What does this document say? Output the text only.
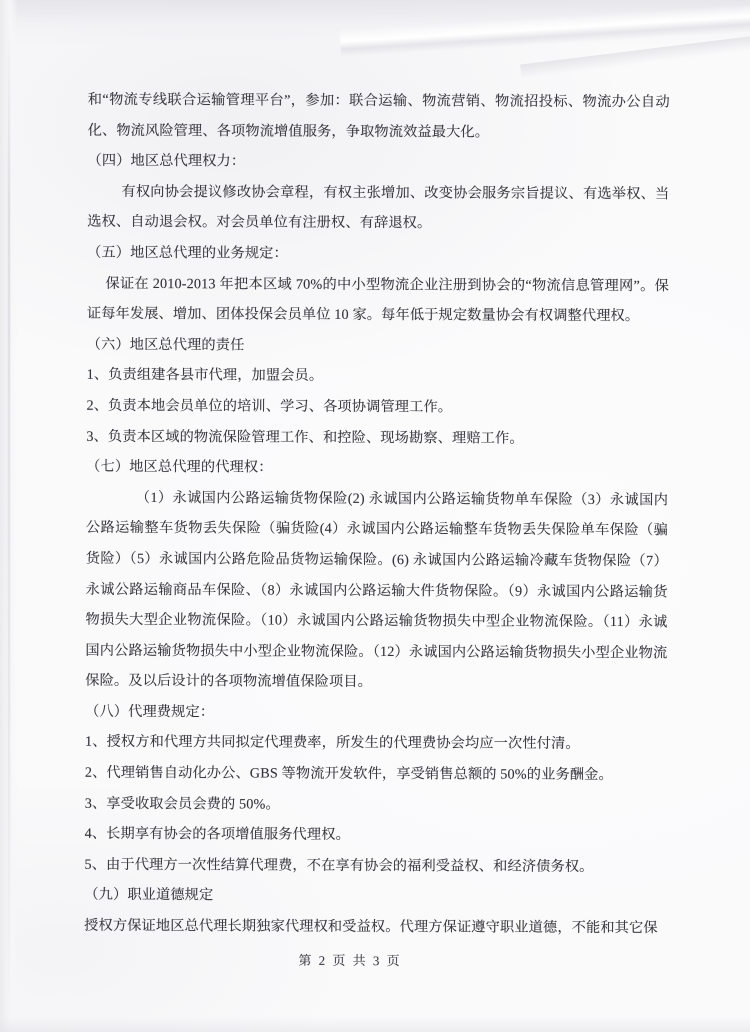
和“物流专线联合运输管理平台”，参加：联合运输、物流营销、物流招投标、物流办公自动化、物流风险管理、各项物流增值服务，争取物流效益最大化。

（四）地区总代理权力：

有权向协会提议修改协会章程，有权主张增加、改变协会服务宗旨提议、有选举权、当选权、自动退会权。对会员单位有注册权、有辞退权。

（五）地区总代理的业务规定：

保证在 2010-2013 年把本区域 70%的中小型物流企业注册到协会的“物流信息管理网”。保证每年发展、增加、团体投保会员单位 10 家。每年低于规定数量协会有权调整代理权。

（六）地区总代理的责任

1、负责组建各县市代理，加盟会员。

2、负责本地会员单位的培训、学习、各项协调管理工作。

3、负责本区域的物流保险管理工作、和控险、现场勘察、理赔工作。

（七）地区总代理的代理权：

（1）永诚国内公路运输货物保险(2) 永诚国内公路运输货物单车保险（3）永诚国内公路运输整车货物丢失保险（骗货险(4）永诚国内公路运输整车货物丢失保险单车保险（骗货险）（5）永诚国内公路危险品货物运输保险。(6) 永诚国内公路运输冷藏车货物保险（7）永诚公路运输商品车保险、（8）永诚国内公路运输大件货物保险。（9）永诚国内公路运输货物损失大型企业物流保险。（10）永诚国内公路运输货物损失中型企业物流保险。（11）永诚国内公路运输货物损失中小型企业物流保险。（12）永诚国内公路运输货物损失小型企业物流保险。及以后设计的各项物流增值保险项目。

（八）代理费规定：

1、授权方和代理方共同拟定代理费率，所发生的代理费协会均应一次性付清。

2、代理销售自动化办公、GBS 等物流开发软件，享受销售总额的 50%的业务酬金。

3、享受收取会员会费的 50%。

4、长期享有协会的各项增值服务代理权。

5、由于代理方一次性结算代理费，不在享有协会的福利受益权、和经济债务权。

（九）职业道德规定

授权方保证地区总代理长期独家代理权和受益权。代理方保证遵守职业道德，不能和其它保

第 2 页 共 3 页
